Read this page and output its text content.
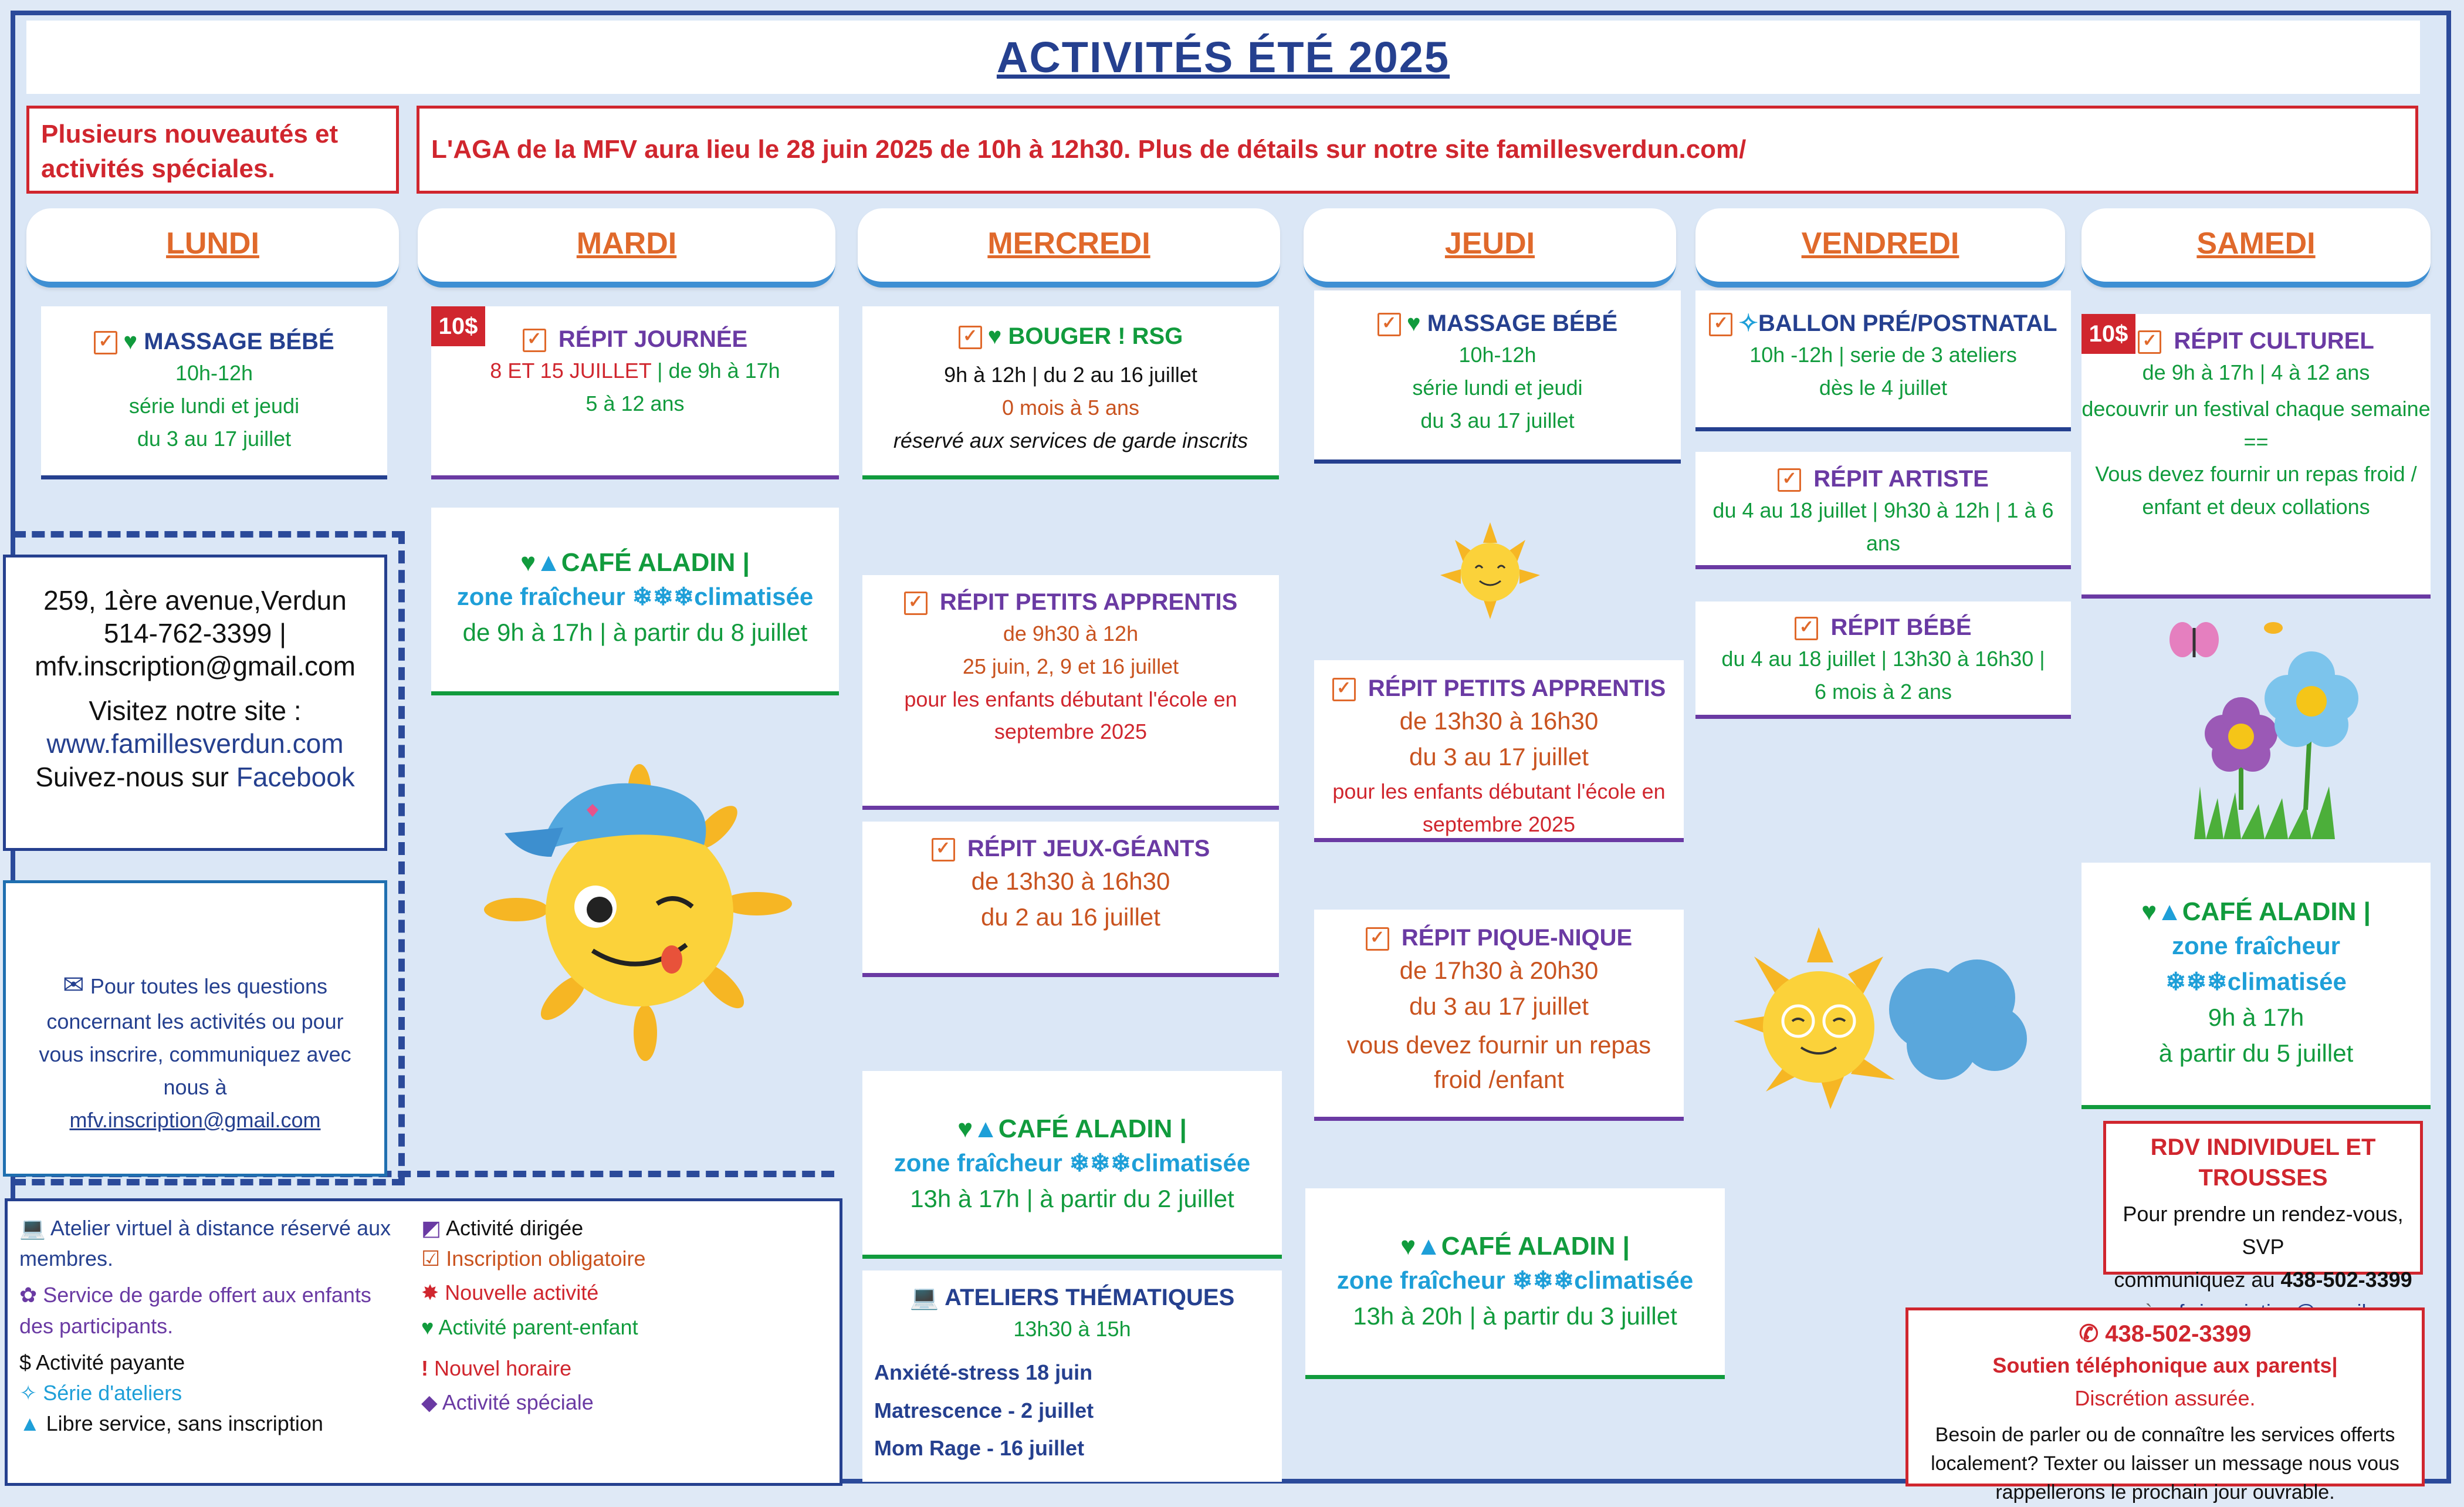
ACTIVITÉS ÉTÉ 2025
Plusieurs nouveautés et activités spéciales.
L'AGA de la MFV aura lieu le 28 juin 2025 de 10h à 12h30. Plus de détails sur notre site famillesverdun.com/
LUNDI	MARDI	MERCREDI	JEUDI	VENDREDI	SAMEDI
✓ ♥ MASSAGE BÉBÉ
10h-12h
série lundi et jeudi
du 3 au 17 juillet
259, 1ère avenue,Verdun
514-762-3399 |
mfv.inscription@gmail.com
Visitez notre site :
www.famillesverdun.com
Suivez-nous sur Facebook
✉ Pour toutes les questions concernant les activités ou pour vous inscrire, communiquez avec nous à
mfv.inscription@gmail.com
💻 Atelier virtuel à distance réservé aux membres.
✿ Service de garde offert aux enfants des participants.
$ Activité payante
✧ Série d'ateliers
▲ Libre service, sans inscription
◩ Activité dirigée
☑ Inscription obligatoire
✸ Nouvelle activité
♥ Activité parent-enfant
! Nouvel horaire
◆ Activité spéciale
✓ RÉPIT JOURNÉE
8 ET 15 JUILLET | de 9h à 17h
5 à 12 ans
10$
♥▲CAFÉ ALADIN |
zone fraîcheur ❄❄❄climatisée
de 9h à 17h | à partir du 8 juillet
✓ ♥ BOUGER ! RSG
9h à 12h | du 2 au 16 juillet
0 mois à 5 ans
réservé aux services de garde inscrits
✓ RÉPIT PETITS APPRENTIS
de 9h30 à 12h
25 juin, 2, 9 et 16 juillet
pour les enfants débutant l'école en septembre 2025
✓ RÉPIT JEUX-GÉANTS
de 13h30 à 16h30
du 2 au 16 juillet
♥▲CAFÉ ALADIN |
zone fraîcheur ❄❄❄climatisée
13h à 17h | à partir du 2 juillet
💻 ATELIERS THÉMATIQUES
13h30 à 15h
Anxiété-stress 18 juin
Matrescence - 2 juillet
Mom Rage - 16 juillet
✓ ♥ MASSAGE BÉBÉ
10h-12h
série lundi et jeudi
du 3 au 17 juillet
✓ RÉPIT PETITS APPRENTIS
de 13h30 à 16h30
du 3 au 17 juillet
pour les enfants débutant l'école en septembre 2025
✓ RÉPIT PIQUE-NIQUE
de 17h30 à 20h30
du 3 au 17 juillet
vous devez fournir un repas froid /enfant
♥▲CAFÉ ALADIN |
zone fraîcheur ❄❄❄climatisée
13h à 20h | à partir du 3 juillet
✓ ✧BALLON PRÉ/POSTNATAL
10h -12h | serie de 3 ateliers
dès le 4 juillet
✓ RÉPIT ARTISTE
du 4 au 18 juillet | 9h30 à 12h | 1 à 6 ans
✓ RÉPIT BÉBÉ
du 4 au 18 juillet | 13h30 à 16h30 |
6 mois à 2 ans
✓ RÉPIT CULTUREL
de 9h à 17h | 4 à 12 ans
decouvrir un festival chaque semaine
==
Vous devez fournir un repas froid / enfant et deux collations
10$
♥▲CAFÉ ALADIN |
zone fraîcheur
❄❄❄climatisée
9h à 17h
à partir du 5 juillet
RDV INDIVIDUEL ET TROUSSES
Pour prendre un rendez-vous, SVP
communiquez au 438-502-3399
✆ 438-502-3399
Soutien téléphonique aux parents|
Discrétion assurée.
Besoin de parler ou de connaître les services offerts localement? Texter ou laisser un message nous vous rappellerons le prochain jour ouvrable.
